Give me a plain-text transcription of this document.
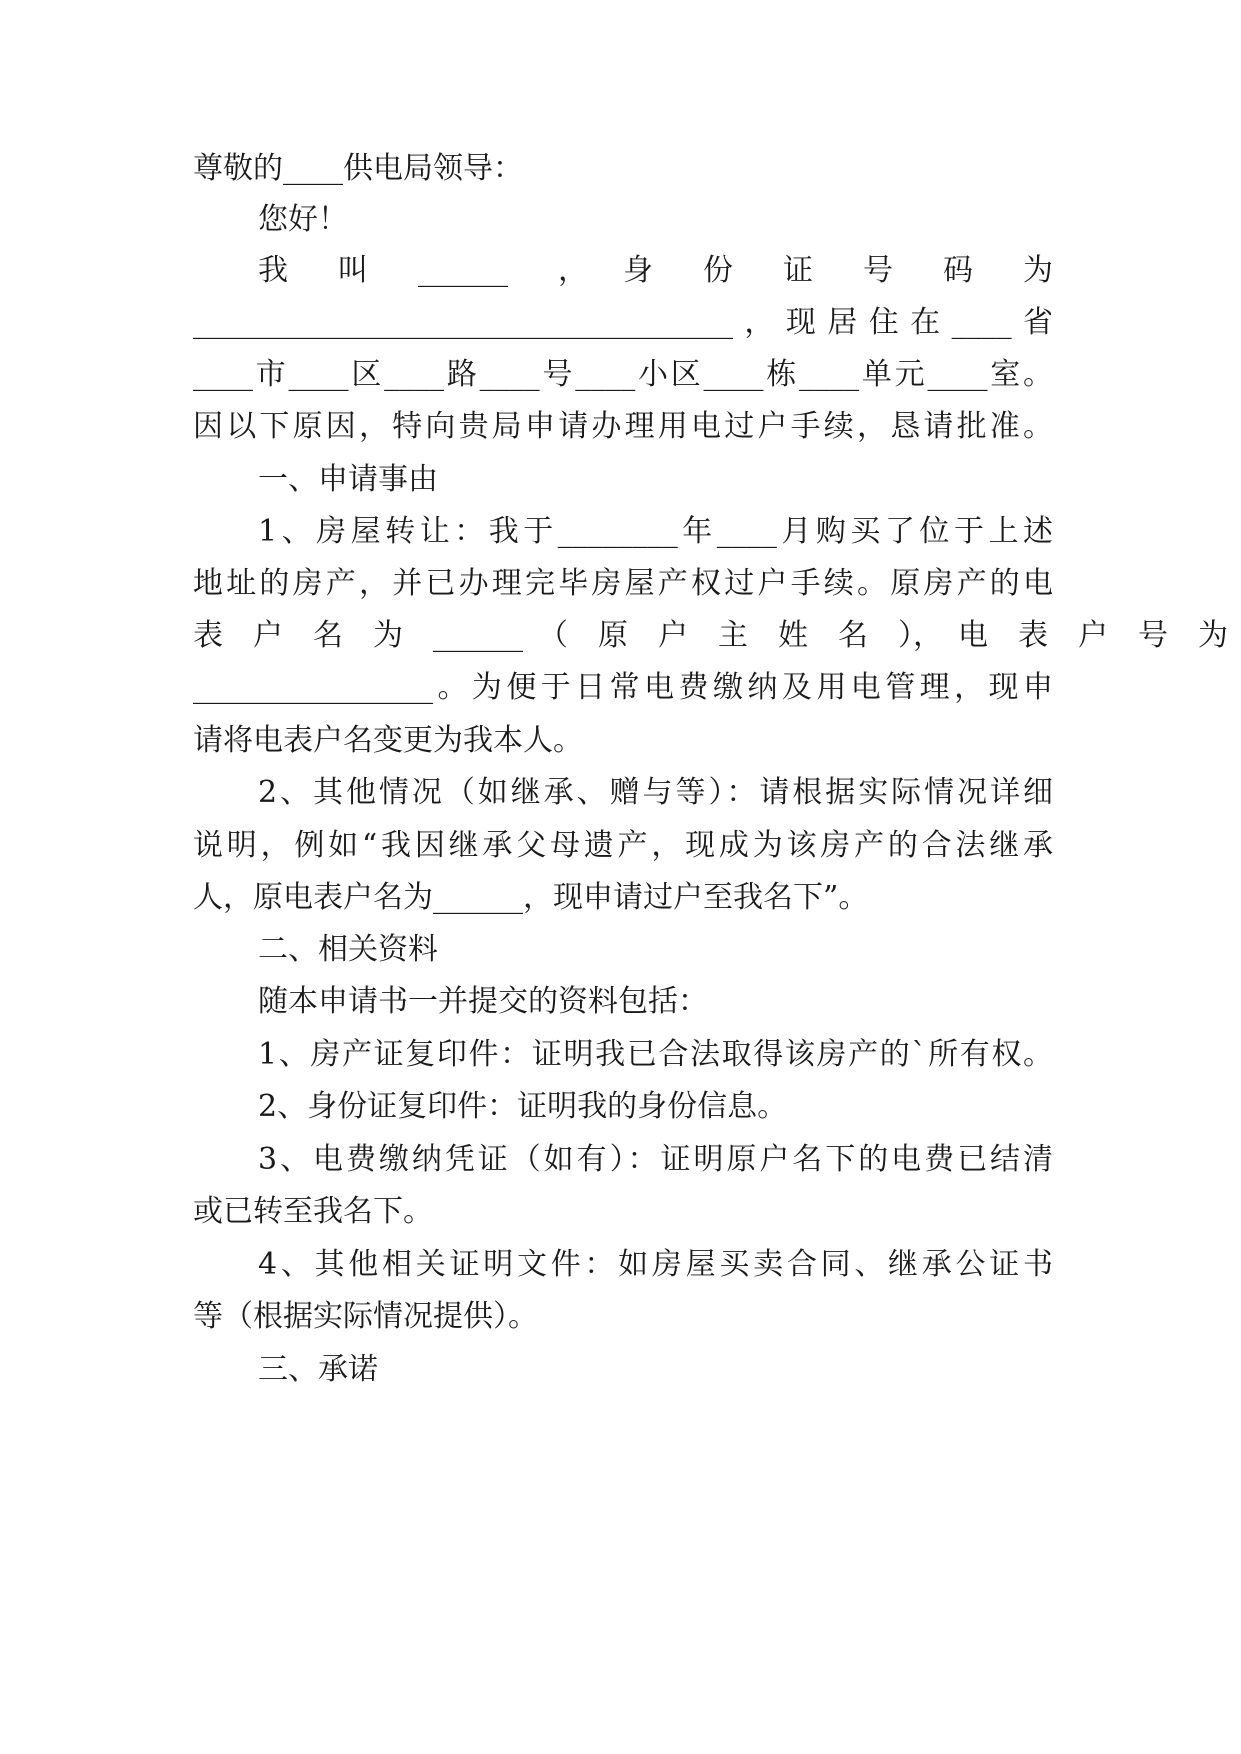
尊敬的____供电局领导：
您好！
我　叫　______　，　身　份　证　号　码　为
____________________________________，现居住在____省
____市____区____路____号____小区____栋____单元____室。
因以下原因，特向贵局申请办理用电过户手续，恳请批准。
一、申请事由
1、房屋转让：我于________年____月购买了位于上述
地址的房产，并已办理完毕房屋产权过户手续。原房产的电
表　户　名　为　______　（　原　户　主　姓　名　），　电　表　户　号　为
________________。为便于日常电费缴纳及用电管理，现申
请将电表户名变更为我本人。
2、其他情况（如继承、赠与等）：请根据实际情况详细
说明，例如“我因继承父母遗产，现成为该房产的合法继承
人，原电表户名为______，现申请过户至我名下”。
二、相关资料
随本申请书一并提交的资料包括：
1、房产证复印件：证明我已合法取得该房产的`所有权。
2、身份证复印件：证明我的身份信息。
3、电费缴纳凭证（如有）：证明原户名下的电费已结清
或已转至我名下。
4、其他相关证明文件：如房屋买卖合同、继承公证书
等（根据实际情况提供）。
三、承诺
